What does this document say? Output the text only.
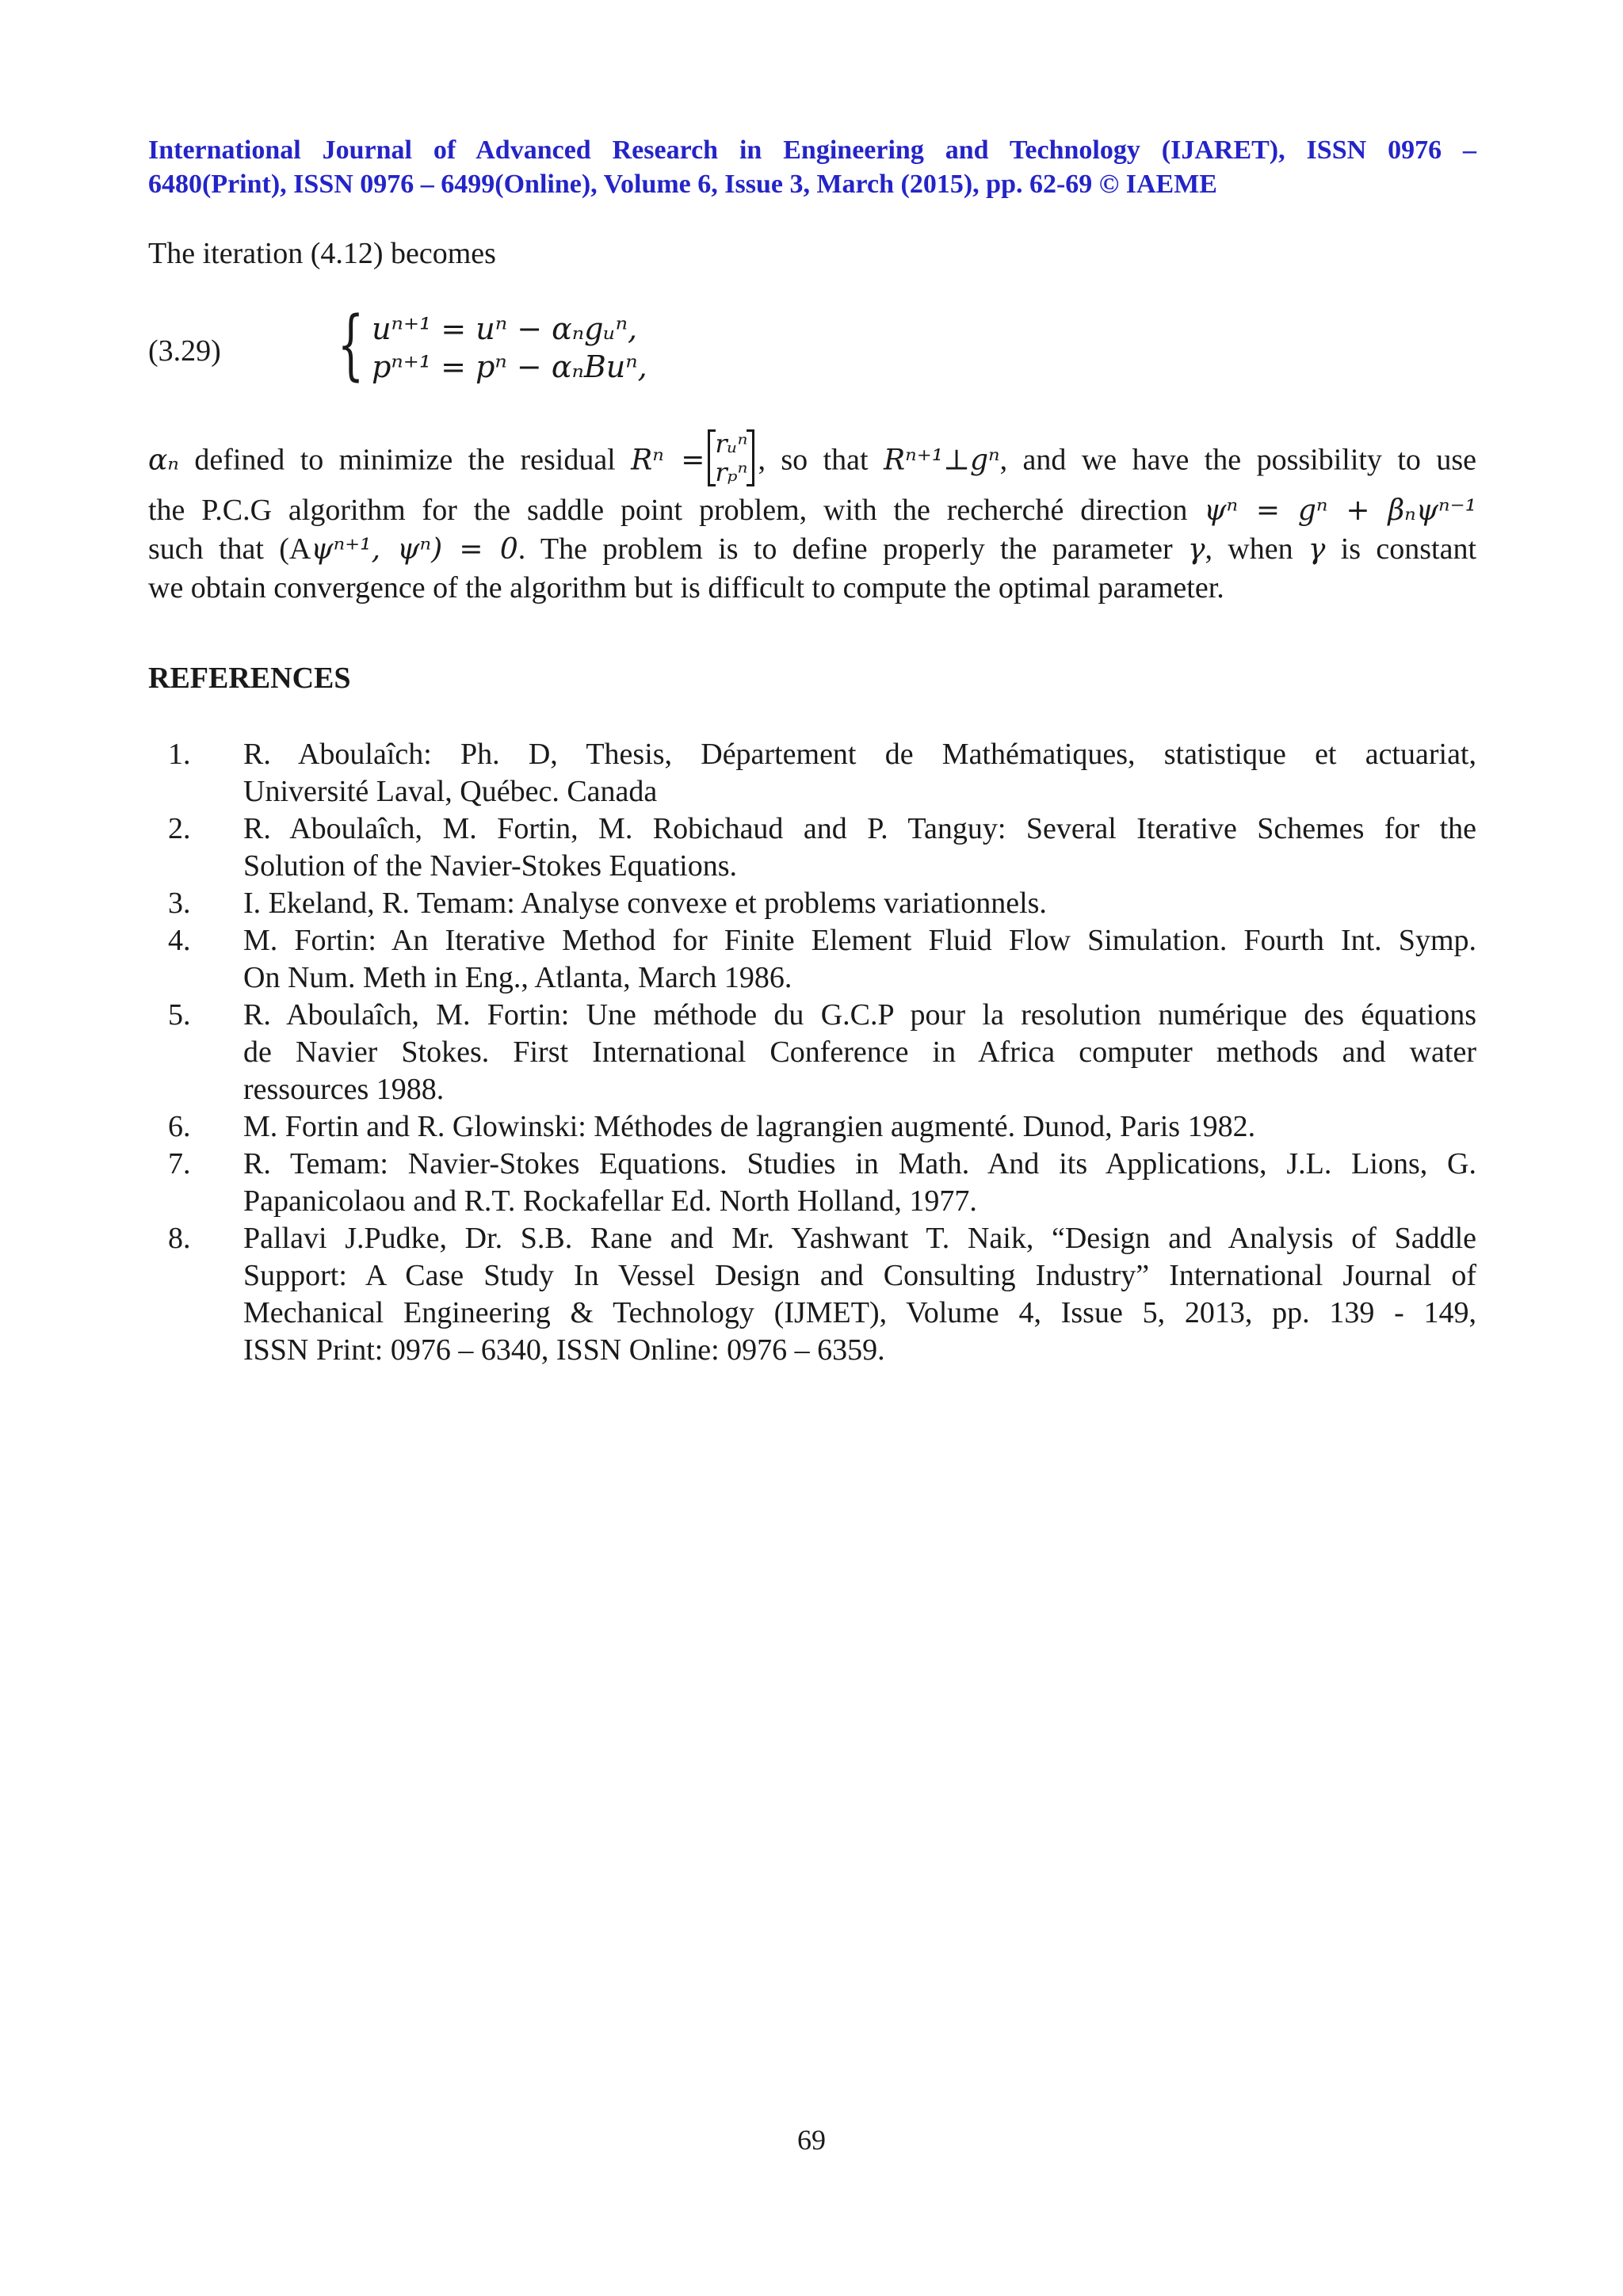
International Journal of Advanced Research in Engineering and Technology (IJARET), ISSN 0976 –
6480(Print), ISSN 0976 – 6499(Online), Volume 6, Issue 3, March (2015), pp. 62-69 © IAEME
The iteration (4.12) becomes
(3.29) { uⁿ⁺¹ = uⁿ − αₙgᵤⁿ,
pⁿ⁺¹ = pⁿ − αₙBuⁿ,
αₙ defined to minimize the residual Rⁿ =
rᵤⁿ
rₚⁿ , so that Rⁿ⁺¹⊥gⁿ, and we have the possibility to use
the P.C.G algorithm for the saddle point problem, with the recherché direction ψⁿ = gⁿ + βₙψⁿ⁻¹
such that (Aψⁿ⁺¹, ψⁿ) = 0. The problem is to define properly the parameter γ, when γ is constant
we obtain convergence of the algorithm but is difficult to compute the optimal parameter.
REFERENCES
1. R. Aboulaîch: Ph. D, Thesis, Département de Mathématiques, statistique et actuariat,
Université Laval, Québec. Canada
2. R. Aboulaîch, M. Fortin, M. Robichaud and P. Tanguy: Several Iterative Schemes for the
Solution of the Navier-Stokes Equations.
3. I. Ekeland, R. Temam: Analyse convexe et problems variationnels.
4. M. Fortin: An Iterative Method for Finite Element Fluid Flow Simulation. Fourth Int. Symp.
On Num. Meth in Eng., Atlanta, March 1986.
5. R. Aboulaîch, M. Fortin: Une méthode du G.C.P pour la resolution numérique des équations
de Navier Stokes. First International Conference in Africa computer methods and water
ressources 1988.
6. M. Fortin and R. Glowinski: Méthodes de lagrangien augmenté. Dunod, Paris 1982.
7. R. Temam: Navier-Stokes Equations. Studies in Math. And its Applications, J.L. Lions, G.
Papanicolaou and R.T. Rockafellar Ed. North Holland, 1977.
8. Pallavi J.Pudke, Dr. S.B. Rane and Mr. Yashwant T. Naik, “Design and Analysis of Saddle
Support: A Case Study In Vessel Design and Consulting Industry” International Journal of
Mechanical Engineering & Technology (IJMET), Volume 4, Issue 5, 2013, pp. 139 - 149,
ISSN Print: 0976 – 6340, ISSN Online: 0976 – 6359.
69
